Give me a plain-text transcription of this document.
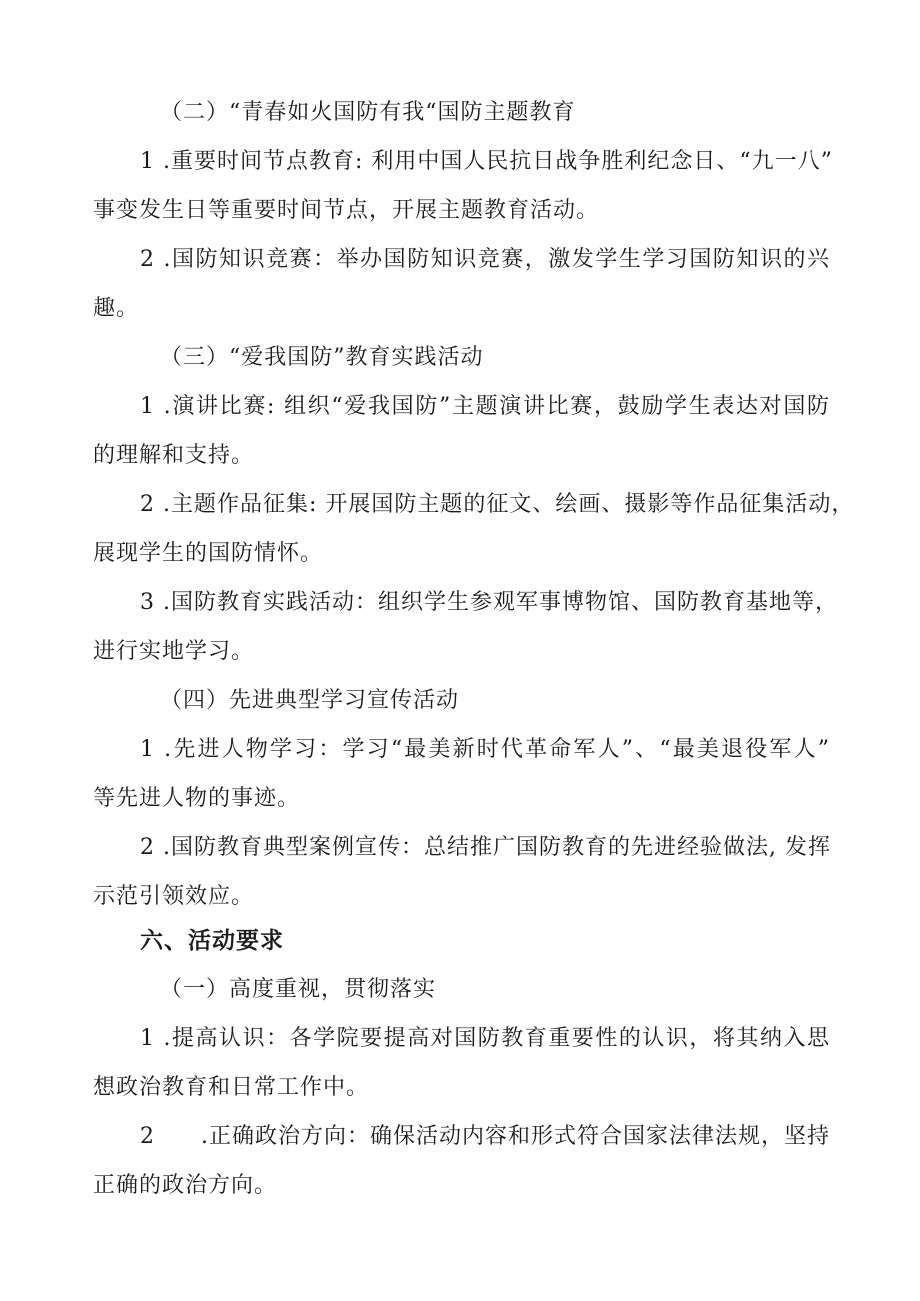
（二）“青春如火国防有我“国防主题教育
1 .重要时间节点教育: 利用中国人民抗日战争胜利纪念日、“九一八”
事变发生日等重要时间节点，开展主题教育活动。
2 .国防知识竞赛：举办国防知识竞赛，激发学生学习国防知识的兴
趣。
（三）“爱我国防”教育实践活动
1 .演讲比赛: 组织“爱我国防”主题演讲比赛，鼓励学生表达对国防
的理解和支持。
2 .主题作品征集: 开展国防主题的征文、绘画、摄影等作品征集活动，
展现学生的国防情怀。
3 .国防教育实践活动：组织学生参观军事博物馆、国防教育基地等，
进行实地学习。
（四）先进典型学习宣传活动
1 .先进人物学习：学习“最美新时代革命军人”、“最美退役军人”
等先进人物的事迹。
2 .国防教育典型案例宣传：总结推广国防教育的先进经验做法, 发挥
示范引领效应。
六、活动要求
（一）高度重视，贯彻落实
1 .提高认识：各学院要提高对国防教育重要性的认识，将其纳入思
想政治教育和日常工作中。
2　　.正确政治方向：确保活动内容和形式符合国家法律法规，坚持
正确的政治方向。
